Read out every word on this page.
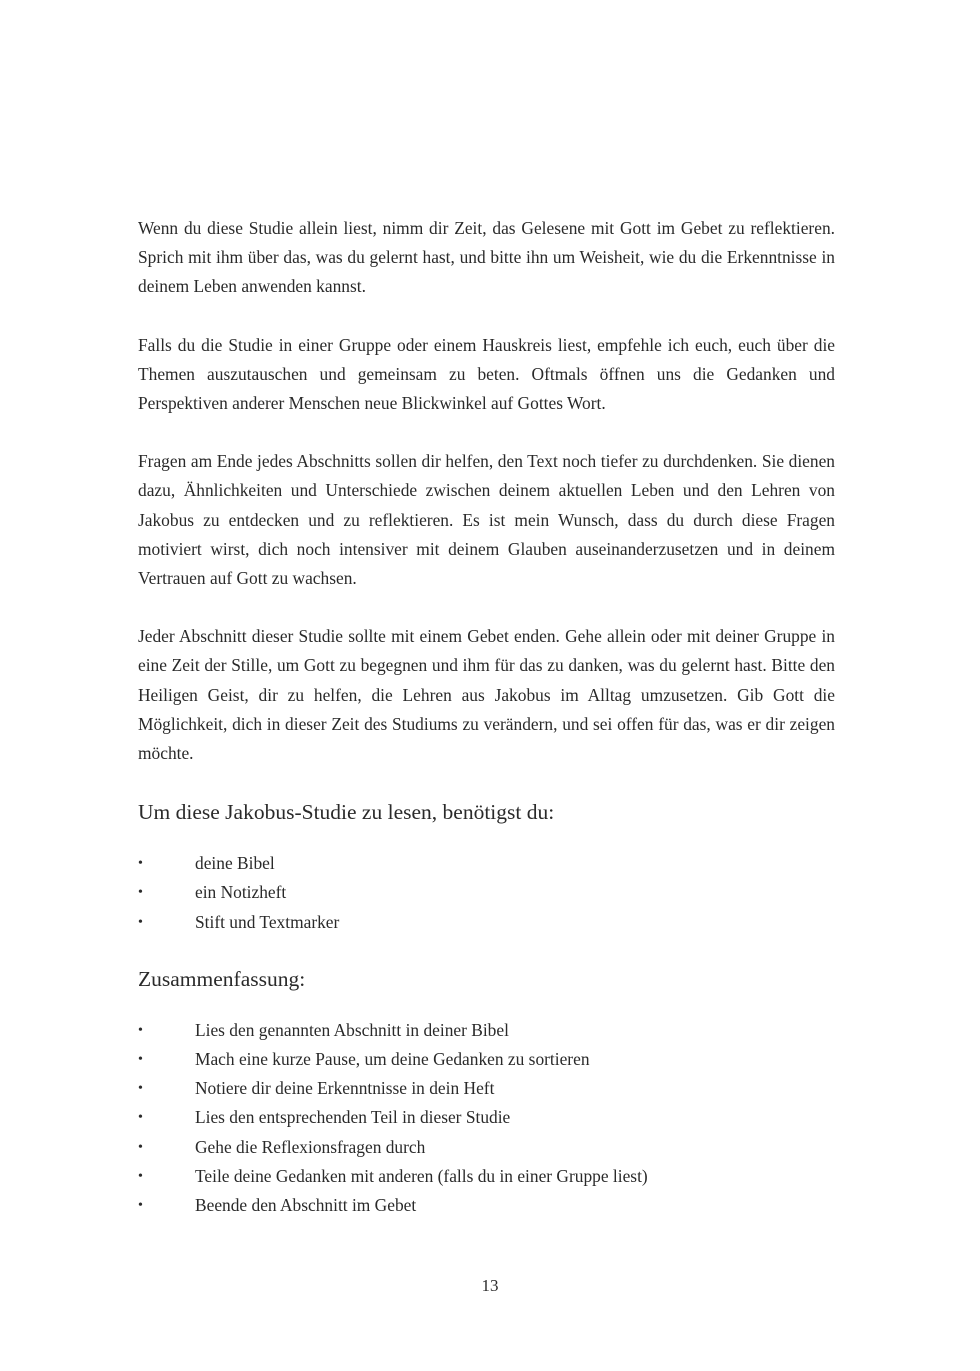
Wenn du diese Studie allein liest, nimm dir Zeit, das Gelesene mit Gott im Gebet zu reflektieren. Sprich mit ihm über das, was du gelernt hast, und bitte ihn um Weisheit, wie du die Erkenntnisse in deinem Leben anwenden kannst.

Falls du die Studie in einer Gruppe oder einem Hauskreis liest, empfehle ich euch, euch über die Themen auszutauschen und gemeinsam zu beten. Oftmals öffnen uns die Gedanken und Perspektiven anderer Menschen neue Blickwinkel auf Gottes Wort.

Fragen am Ende jedes Abschnitts sollen dir helfen, den Text noch tiefer zu durchdenken. Sie dienen dazu, Ähnlichkeiten und Unterschiede zwischen deinem aktuellen Leben und den Lehren von Jakobus zu entdecken und zu reflektieren. Es ist mein Wunsch, dass du durch diese Fragen motiviert wirst, dich noch intensiver mit deinem Glauben auseinanderzusetzen und in deinem Vertrauen auf Gott zu wachsen.

Jeder Abschnitt dieser Studie sollte mit einem Gebet enden. Gehe allein oder mit deiner Gruppe in eine Zeit der Stille, um Gott zu begegnen und ihm für das zu danken, was du gelernt hast. Bitte den Heiligen Geist, dir zu helfen, die Lehren aus Jakobus im Alltag umzusetzen. Gib Gott die Möglichkeit, dich in dieser Zeit des Studiums zu verändern, und sei offen für das, was er dir zeigen möchte.

Um diese Jakobus-Studie zu lesen, benötigst du:
•	deine Bibel
•	ein Notizheft
•	Stift und Textmarker
Zusammenfassung:
•	Lies den genannten Abschnitt in deiner Bibel
•	Mach eine kurze Pause, um deine Gedanken zu sortieren
•	Notiere dir deine Erkenntnisse in dein Heft
•	Lies den entsprechenden Teil in dieser Studie
•	Gehe die Reflexionsfragen durch
•	Teile deine Gedanken mit anderen (falls du in einer Gruppe liest)
•	Beende den Abschnitt im Gebet
13
